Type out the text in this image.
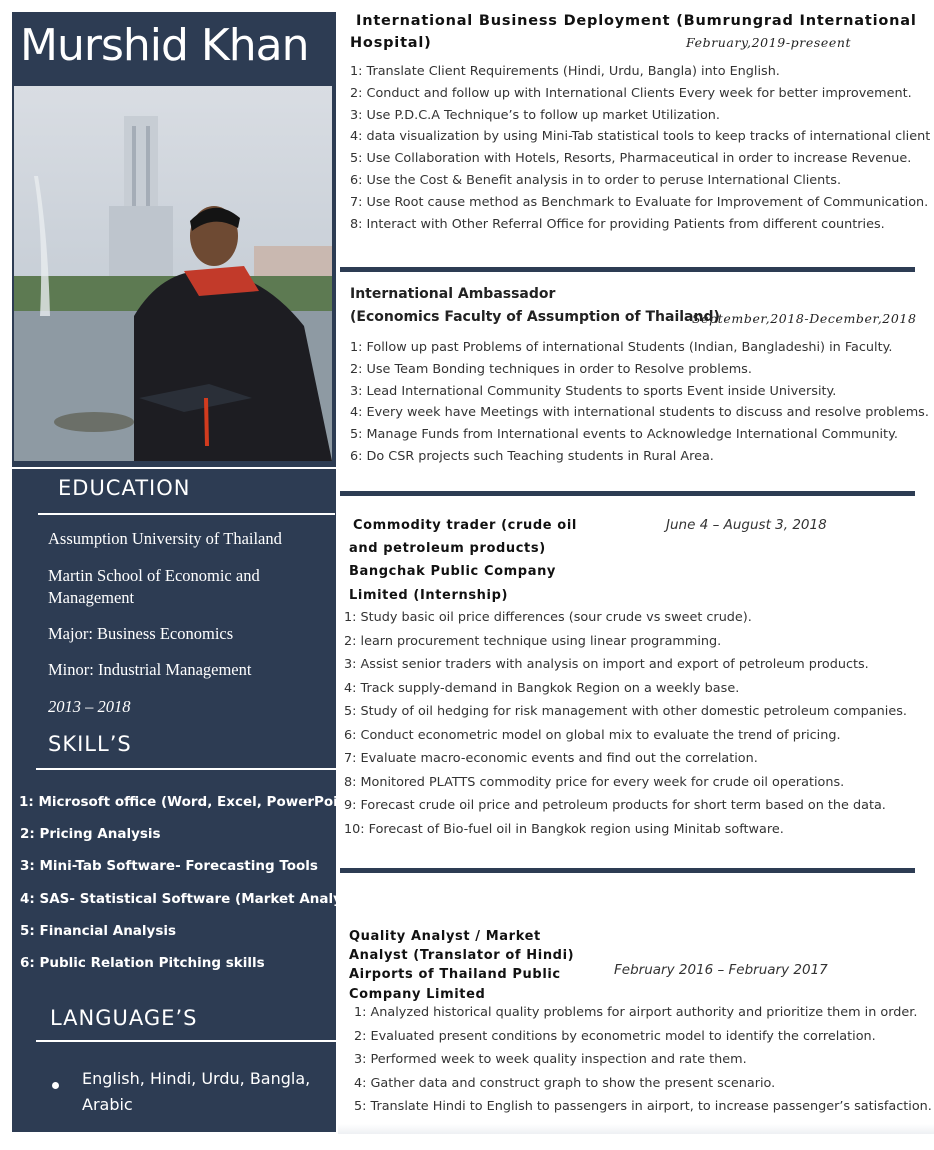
Murshid Khan
EDUCATION
Assumption University of Thailand
Martin School of Economic and Management
Major: Business Economics
Minor: Industrial Management
2013 – 2018
SKILL’S
1: Microsoft office (Word, Excel, PowerPoint)
2: Pricing Analysis
3: Mini-Tab Software- Forecasting Tools
4: SAS- Statistical Software (Market Analysis)
5: Financial Analysis
6: Public Relation Pitching skills
LANGUAGE’S
English, Hindi, Urdu, Bangla, Arabic
International Business Deployment (Bumrungrad International
Hospital)	February,2019-preseent
1: Translate Client Requirements (Hindi, Urdu, Bangla) into English.
2: Conduct and follow up with International Clients Every week for better improvement.
3: Use P.D.C.A Technique’s to follow up market Utilization.
4: data visualization by using Mini-Tab statistical tools to keep tracks of international client
5: Use Collaboration with Hotels, Resorts, Pharmaceutical in order to increase Revenue.
6: Use the Cost & Benefit analysis in to order to peruse International Clients.
7: Use Root cause method as Benchmark to Evaluate for Improvement of Communication.
8: Interact with Other Referral Office for providing Patients from different countries.
International Ambassador
(Economics Faculty of Assumption of Thailand)
September,2018-December,2018
1: Follow up past Problems of international Students (Indian, Bangladeshi) in Faculty.
2: Use Team Bonding techniques in order to Resolve problems.
3: Lead International Community Students to sports Event inside University.
4: Every week have Meetings with international students to discuss and resolve problems.
5: Manage Funds from International events to Acknowledge International Community.
6: Do CSR projects such Teaching students in Rural Area.
Commodity trader (crude oil
and petroleum products)
Bangchak Public Company
Limited (Internship)
June 4 – August 3, 2018
1: Study basic oil price differences (sour crude vs sweet crude).
2: learn procurement technique using linear programming.
3: Assist senior traders with analysis on import and export of petroleum products.
4: Track supply-demand in Bangkok Region on a weekly base.
5: Study of oil hedging for risk management with other domestic petroleum companies.
6: Conduct econometric model on global mix to evaluate the trend of pricing.
7: Evaluate macro-economic events and find out the correlation.
8: Monitored PLATTS commodity price for every week for crude oil operations.
9: Forecast crude oil price and petroleum products for short term based on the data.
10: Forecast of Bio-fuel oil in Bangkok region using Minitab software.
Quality Analyst / Market
Analyst (Translator of Hindi)
Airports of Thailand Public
Company Limited
February 2016 – February 2017
1: Analyzed historical quality problems for airport authority and prioritize them in order.
2: Evaluated present conditions by econometric model to identify the correlation.
3: Performed week to week quality inspection and rate them.
4: Gather data and construct graph to show the present scenario.
5: Translate Hindi to English to passengers in airport, to increase passenger’s satisfaction.
